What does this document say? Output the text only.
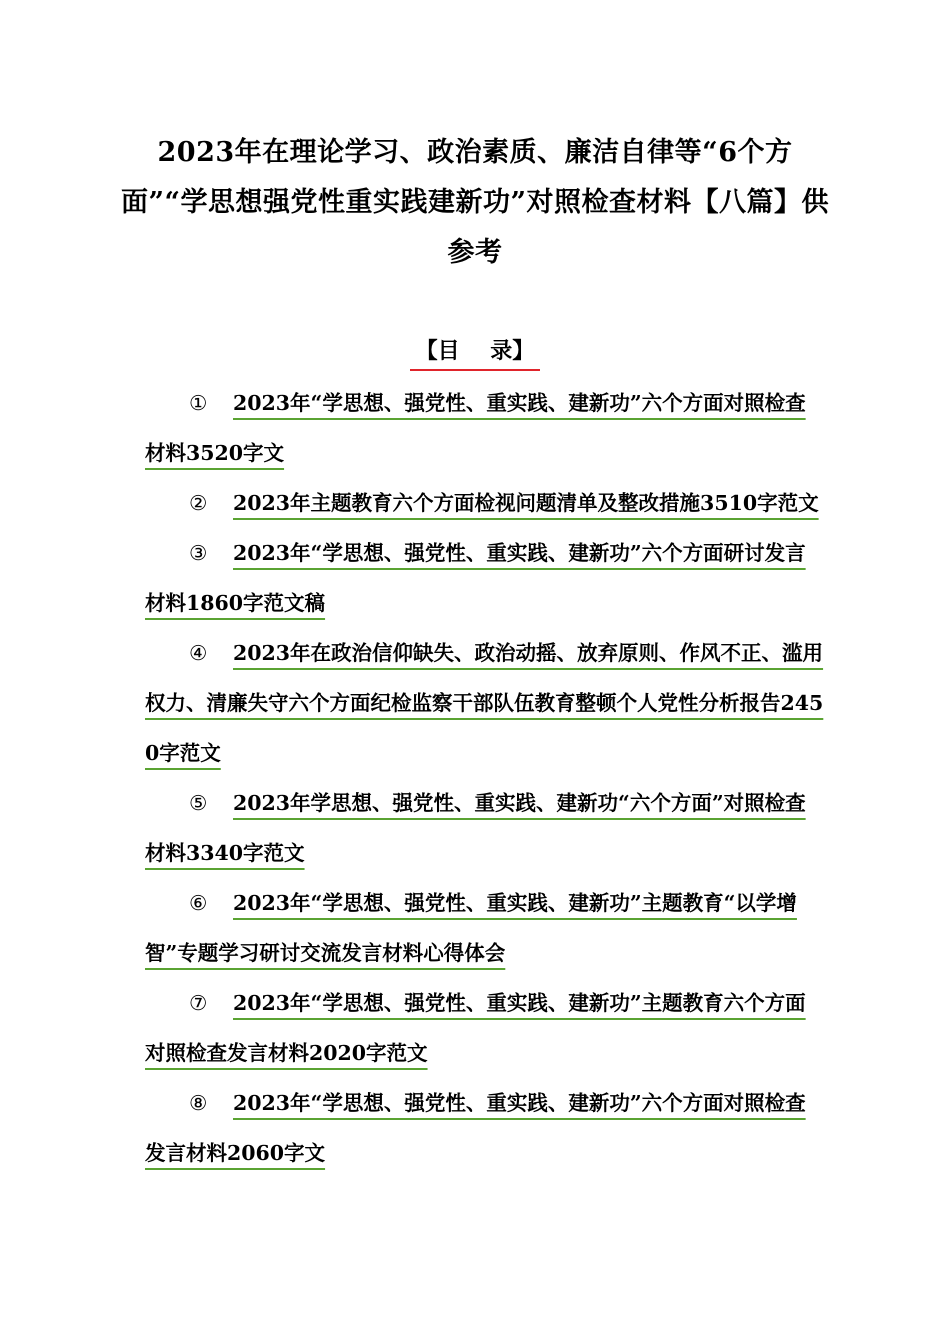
2023年在理论学习、政治素质、廉洁自律等“6个方面”“学思想强党性重实践建新功”对照检查材料【八篇】供参考
【目    录】
① 2023年“学思想、强党性、重实践、建新功”六个方面对照检查材料3520字文
② 2023年主题教育六个方面检视问题清单及整改措施3510字范文
③ 2023年“学思想、强党性、重实践、建新功”六个方面研讨发言材料1860字范文稿
④ 2023年在政治信仰缺失、政治动摇、放弃原则、作风不正、滥用权力、清廉失守六个方面纪检监察干部队伍教育整顿个人党性分析报告2450字范文
⑤ 2023年学思想、强党性、重实践、建新功“六个方面”对照检查材料3340字范文
⑥ 2023年“学思想、强党性、重实践、建新功”主题教育“以学增智”专题学习研讨交流发言材料心得体会
⑦ 2023年“学思想、强党性、重实践、建新功”主题教育六个方面对照检查发言材料2020字范文
⑧ 2023年“学思想、强党性、重实践、建新功”六个方面对照检查发言材料2060字文
